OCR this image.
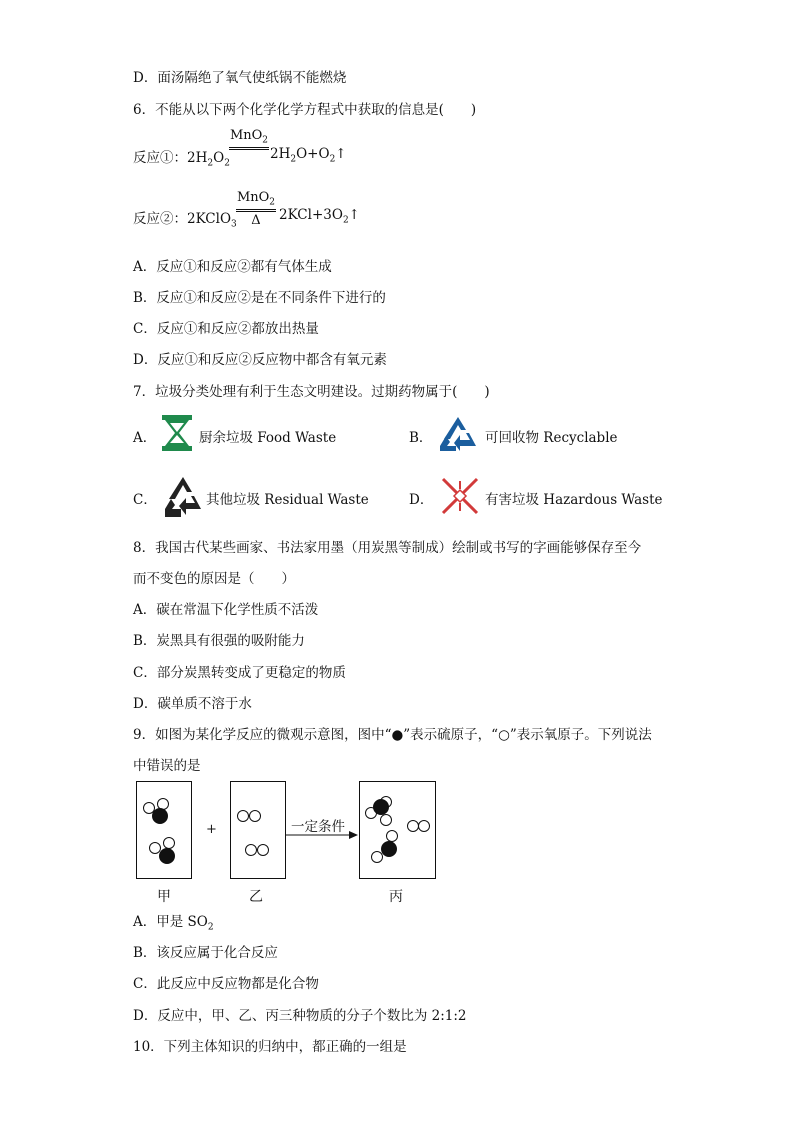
D．面汤隔绝了氧气使纸锅不能燃烧
6．不能从以下两个化学化学方程式中获取的信息是(　　)
反应①：$2H_2O_2$
MnO$_2$
$2H_2O+O_2↑$
反应②：2KClO$_3$
MnO$_2$
Δ	$2KCl+3O_2↑$
A．反应①和反应②都有气体生成
B．反应①和反应②是在不同条件下进行的
C．反应①和反应②都放出热量
D．反应①和反应②反应物中都含有氧元素
7．垃圾分类处理有利于生态文明建设。过期药物属于(　　)
A．	厨余垃圾 Food Waste	B．	可回收物 Recyclable
C．	其他垃圾 Residual Waste	D．	有害垃圾 Hazardous Waste
8．我国古代某些画家、书法家用墨（用炭黑等制成）绘制或书写的字画能够保存至今
而不变色的原因是（　　）
A．碳在常温下化学性质不活泼
B．炭黑具有很强的吸附能力
C．部分炭黑转变成了更稳定的物质
D．碳单质不溶于水
9．如图为某化学反应的微观示意图，图中“●”表示硫原子，“○”表示氧原子。下列说法
中错误的是
+	一定条件
甲	乙	丙
A．甲是 $SO_2$
B．该反应属于化合反应
C．此反应中反应物都是化合物
D．反应中，甲、乙、丙三种物质的分子个数比为 2:1:2
10．下列主体知识的归纳中，都正确的一组是
